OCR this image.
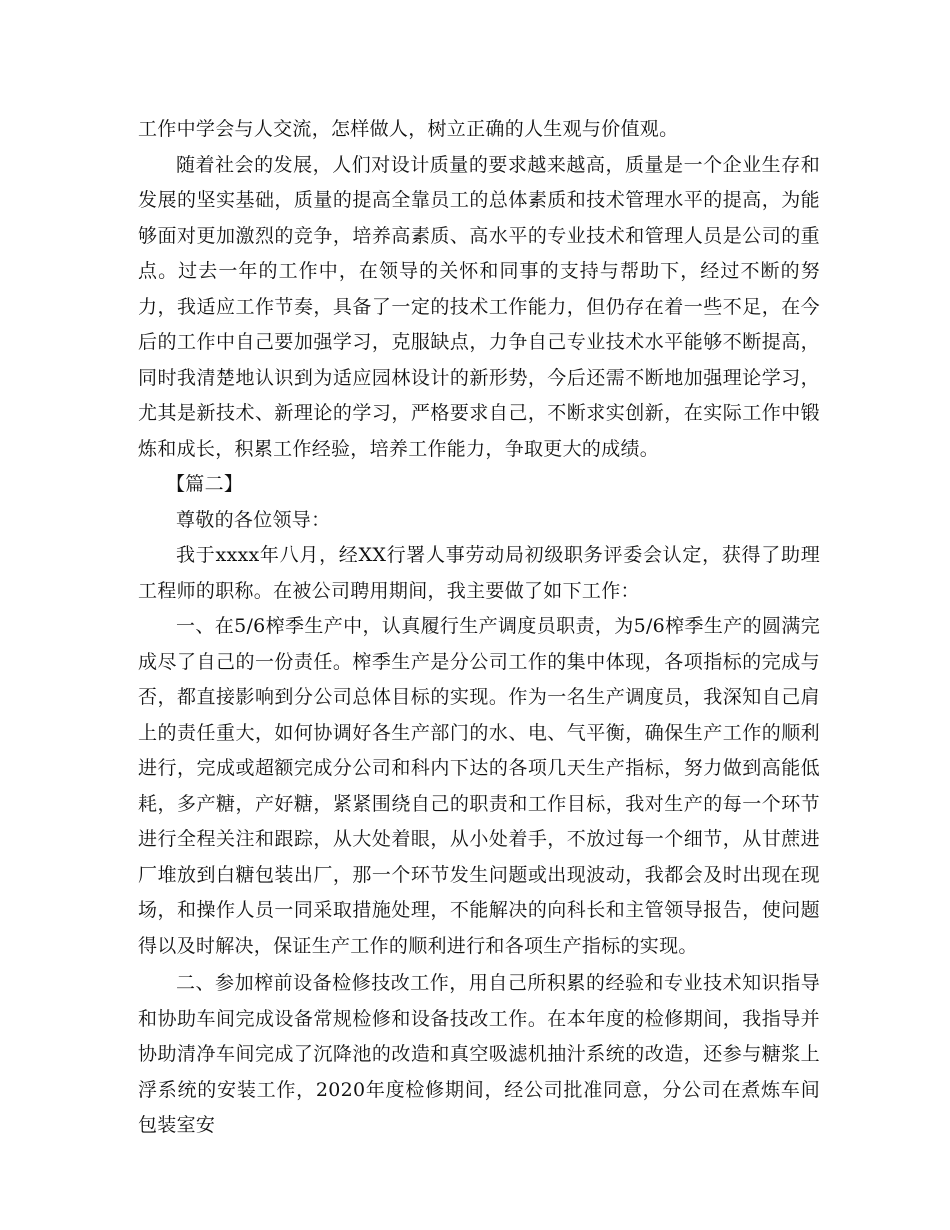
工作中学会与人交流，怎样做人，树立正确的人生观与价值观。

随着社会的发展，人们对设计质量的要求越来越高，质量是一个企业生存和发展的坚实基础，质量的提高全靠员工的总体素质和技术管理水平的提高，为能够面对更加激烈的竞争，培养高素质、高水平的专业技术和管理人员是公司的重点。过去一年的工作中，在领导的关怀和同事的支持与帮助下，经过不断的努力，我适应工作节奏，具备了一定的技术工作能力，但仍存在着一些不足，在今后的工作中自己要加强学习，克服缺点，力争自己专业技术水平能够不断提高，同时我清楚地认识到为适应园林设计的新形势，今后还需不断地加强理论学习，尤其是新技术、新理论的学习，严格要求自己，不断求实创新，在实际工作中锻炼和成长，积累工作经验，培养工作能力，争取更大的成绩。

【篇二】

尊敬的各位领导：

我于xxxx年八月，经XX行署人事劳动局初级职务评委会认定，获得了助理工程师的职称。在被公司聘用期间，我主要做了如下工作：

一、在5/6榨季生产中，认真履行生产调度员职责，为5/6榨季生产的圆满完成尽了自己的一份责任。榨季生产是分公司工作的集中体现，各项指标的完成与否，都直接影响到分公司总体目标的实现。作为一名生产调度员，我深知自己肩上的责任重大，如何协调好各生产部门的水、电、气平衡，确保生产工作的顺利进行，完成或超额完成分公司和科内下达的各项几天生产指标，努力做到高能低耗，多产糖，产好糖，紧紧围绕自己的职责和工作目标，我对生产的每一个环节进行全程关注和跟踪，从大处着眼，从小处着手，不放过每一个细节，从甘蔗进厂堆放到白糖包装出厂，那一个环节发生问题或出现波动，我都会及时出现在现场，和操作人员一同采取措施处理，不能解决的向科长和主管领导报告，使问题得以及时解决，保证生产工作的顺利进行和各项生产指标的实现。

二、参加榨前设备检修技改工作，用自己所积累的经验和专业技术知识指导和协助车间完成设备常规检修和设备技改工作。在本年度的检修期间，我指导并协助清净车间完成了沉降池的改造和真空吸滤机抽汁系统的改造，还参与糖浆上浮系统的安装工作，2020年度检修期间，经公司批准同意，分公司在煮炼车间包装室安
